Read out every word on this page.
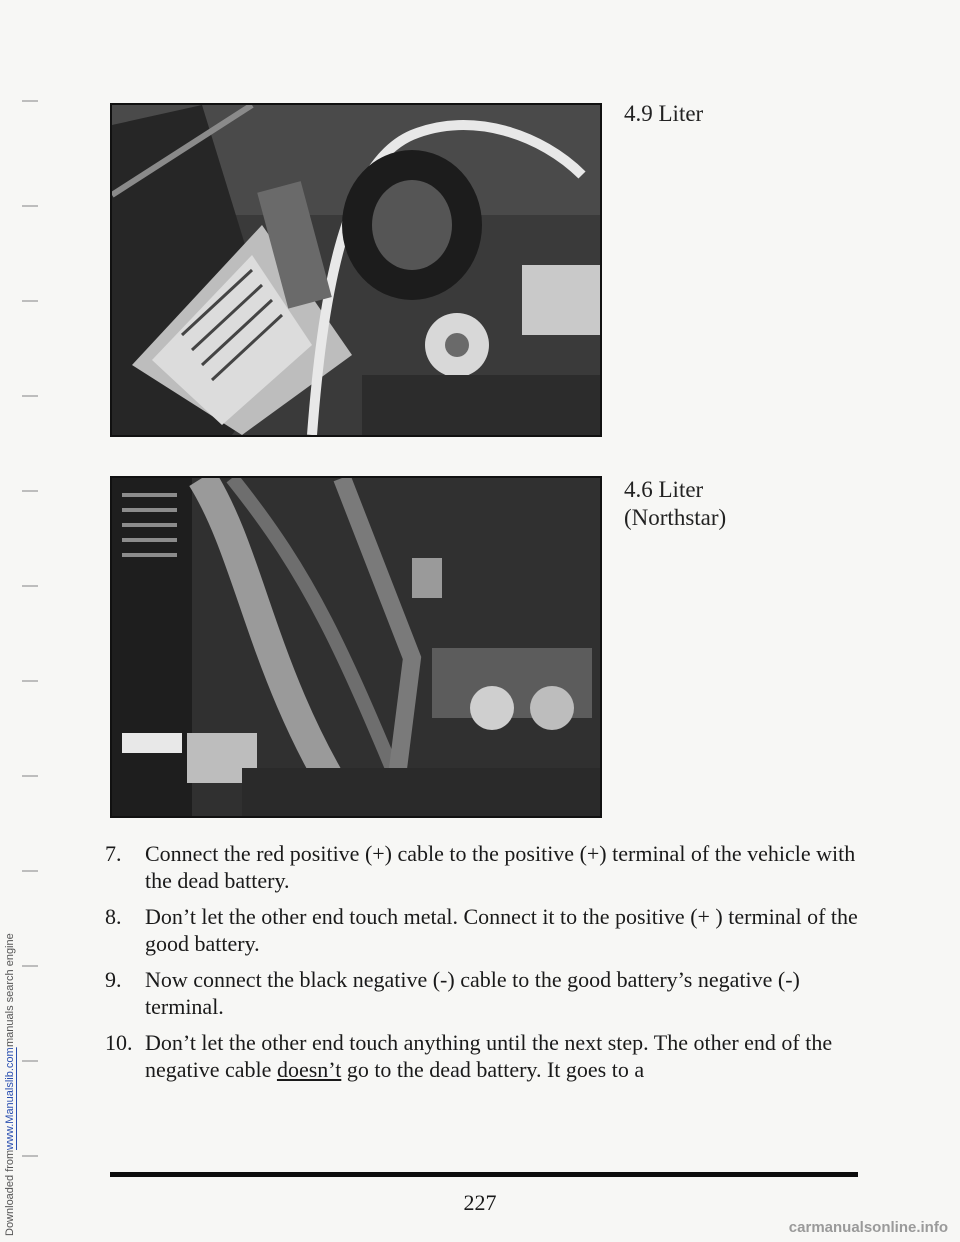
Downloaded from
www.Manualslib.com
manuals search engine
4.9 Liter
4.6 Liter
(Northstar)
7.	Connect the red positive (+) cable to the positive (+) terminal of the vehicle with the dead battery.
8.	Don’t let the other end touch metal. Connect it to the positive (+ ) terminal of the good battery.
9.	Now connect the black negative (-) cable to the good battery’s negative (-) terminal.
10. Don’t let the other end touch anything until the next step. The other end of the negative cable doesn’t go to the dead battery. It goes to a
227
carmanualsonline.info
